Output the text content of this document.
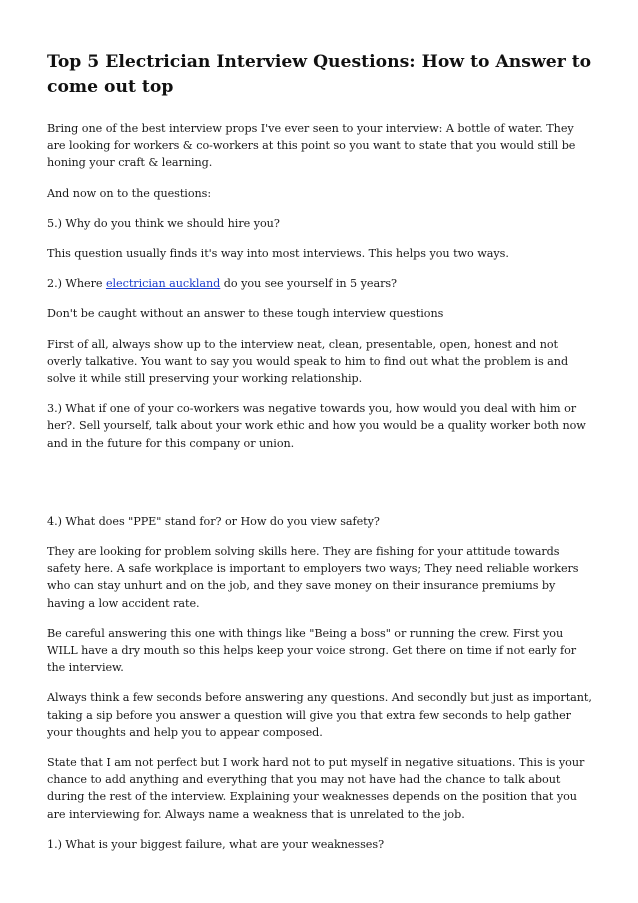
Top 5 Electrician Interview Questions: How to Answer to come out top

Bring one of the best interview props I've ever seen to your interview: A bottle of water. They are looking for workers & co-workers at this point so you want to state that you would still be honing your craft & learning.

And now on to the questions:

5.) Why do you think we should hire you?

This question usually finds it's way into most interviews. This helps you two ways.

2.) Where electrician auckland do you see yourself in 5 years?

Don't be caught without an answer to these tough interview questions

First of all, always show up to the interview neat, clean, presentable, open, honest and not overly talkative. You want to say you would speak to him to find out what the problem is and solve it while still preserving your working relationship.

3.) What if one of your co-workers was negative towards you, how would you deal with him or her?. Sell yourself, talk about your work ethic and how you would be a quality worker both now and in the future for this company or union.

4.) What does "PPE" stand for? or How do you view safety?

They are looking for problem solving skills here. They are fishing for your attitude towards safety here. A safe workplace is important to employers two ways; They need reliable workers who can stay unhurt and on the job, and they save money on their insurance premiums by having a low accident rate.

Be careful answering this one with things like "Being a boss" or running the crew. First you WILL have a dry mouth so this helps keep your voice strong. Get there on time if not early for the interview.

Always think a few seconds before answering any questions. And secondly but just as important, taking a sip before you answer a question will give you that extra few seconds to help gather your thoughts and help you to appear composed.

State that I am not perfect but I work hard not to put myself in negative situations. This is your chance to add anything and everything that you may not have had the chance to talk about during the rest of the interview. Explaining your weaknesses depends on the position that you are interviewing for. Always name a weakness that is unrelated to the job.

1.) What is your biggest failure, what are your weaknesses?
